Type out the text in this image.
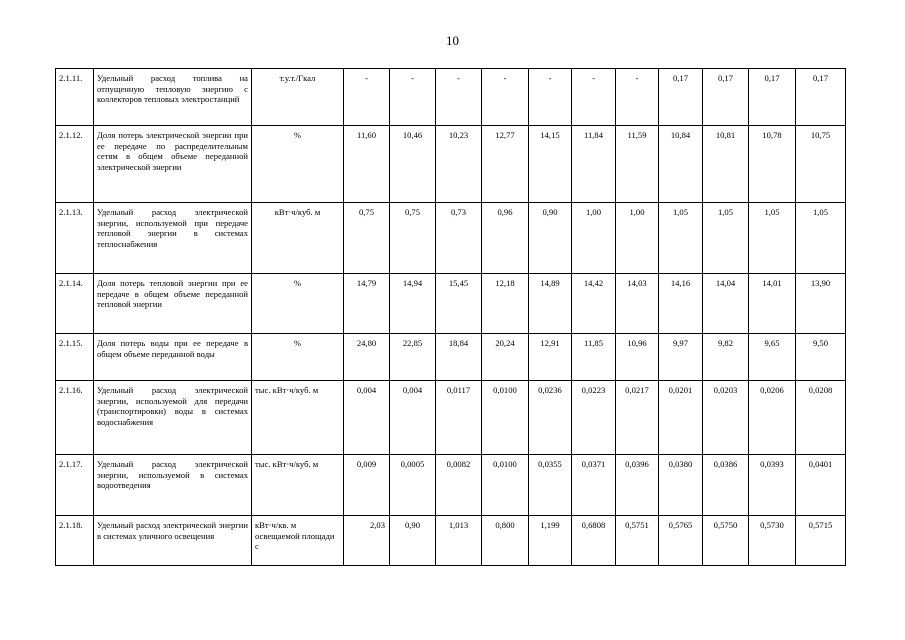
10
2.1.11.	Удельный расход топлива на отпущенную тепловую энергию с коллекторов тепловых электростанций	т.у.т./Гкал	-	-	-	-	-	-	-	0,17	0,17	0,17	0,17
2.1.12.	Доля потерь электрической энергии при ее передаче по распределительным сетям в общем объеме переданной электрической энергии	%	11,60	10,46	10,23	12,77	14,15	11,84	11,59	10,84	10,81	10,78	10,75
2.1.13.	Удельный расход электрической энергии, используемой при передаче тепловой энергии в системах теплоснабжения	кВт·ч/куб. м	0,75	0,75	0,73	0,96	0,90	1,00	1,00	1,05	1,05	1,05	1,05
2.1.14.	Доля потерь тепловой энергии при ее передаче в общем объеме переданной тепловой энергии	%	14,79	14,94	15,45	12,18	14,89	14,42	14,03	14,16	14,04	14,01	13,90
2.1.15.	Доля потерь воды при ее передаче в общем объеме переданной воды	%	24,80	22,85	18,84	20,24	12,91	11,85	10,96	9,97	9,82	9,65	9,50
2.1.16.	Удельный расход электрической энергии, используемой для передачи (транспортировки) воды в системах водоснабжения	тыс. кВт·ч/куб. м	0,004	0,004	0,0117	0,0100	0,0236	0,0223	0,0217	0,0201	0,0203	0,0206	0,0208
2.1.17.	Удельный расход электрической энергии, используемой в системах водоотведения	тыс. кВт·ч/куб. м	0,009	0,0005	0,0082	0,0100	0,0355	0,0371	0,0396	0,0380	0,0386	0,0393	0,0401
2.1.18.	Удельный расход электрической энергии в системах уличного освещения	кВт·ч/кв. м освещаемой площади с	2,03	0,90	1,013	0,800	1,199	0,6808	0,5751	0,5765	0,5750	0,5730	0,5715
